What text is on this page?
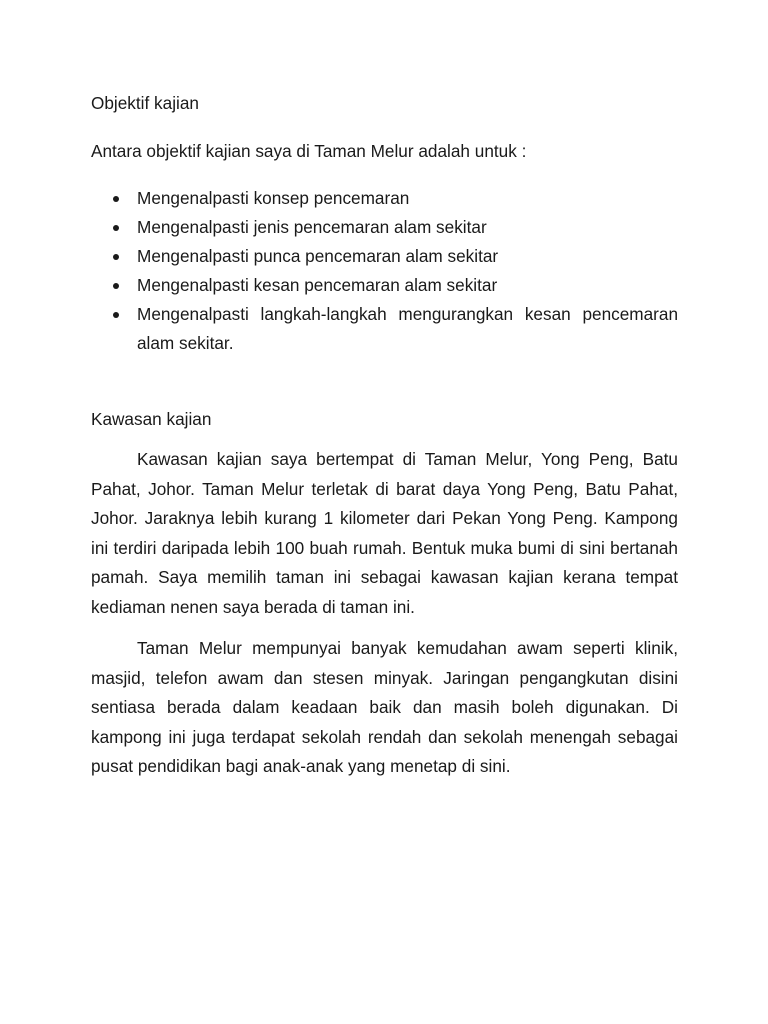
Objektif kajian

Antara objektif kajian saya di Taman Melur adalah untuk :

Mengenalpasti konsep pencemaran
Mengenalpasti jenis pencemaran alam sekitar
Mengenalpasti punca pencemaran alam sekitar
Mengenalpasti kesan pencemaran alam sekitar
Mengenalpasti langkah-langkah mengurangkan kesan pencemaran alam sekitar.
Kawasan kajian

Kawasan kajian saya bertempat di Taman Melur, Yong Peng, Batu Pahat, Johor. Taman Melur terletak di barat daya Yong Peng, Batu Pahat, Johor. Jaraknya lebih kurang 1 kilometer dari Pekan Yong Peng. Kampong ini terdiri daripada lebih 100 buah rumah. Bentuk muka bumi di sini bertanah pamah. Saya memilih taman ini sebagai kawasan kajian kerana tempat kediaman nenen saya berada di taman ini.

Taman Melur mempunyai banyak kemudahan awam seperti klinik, masjid, telefon awam dan stesen minyak. Jaringan pengangkutan disini sentiasa berada dalam keadaan baik dan masih boleh digunakan. Di kampong ini juga terdapat sekolah rendah dan sekolah menengah sebagai pusat pendidikan bagi anak-anak yang menetap di sini.
